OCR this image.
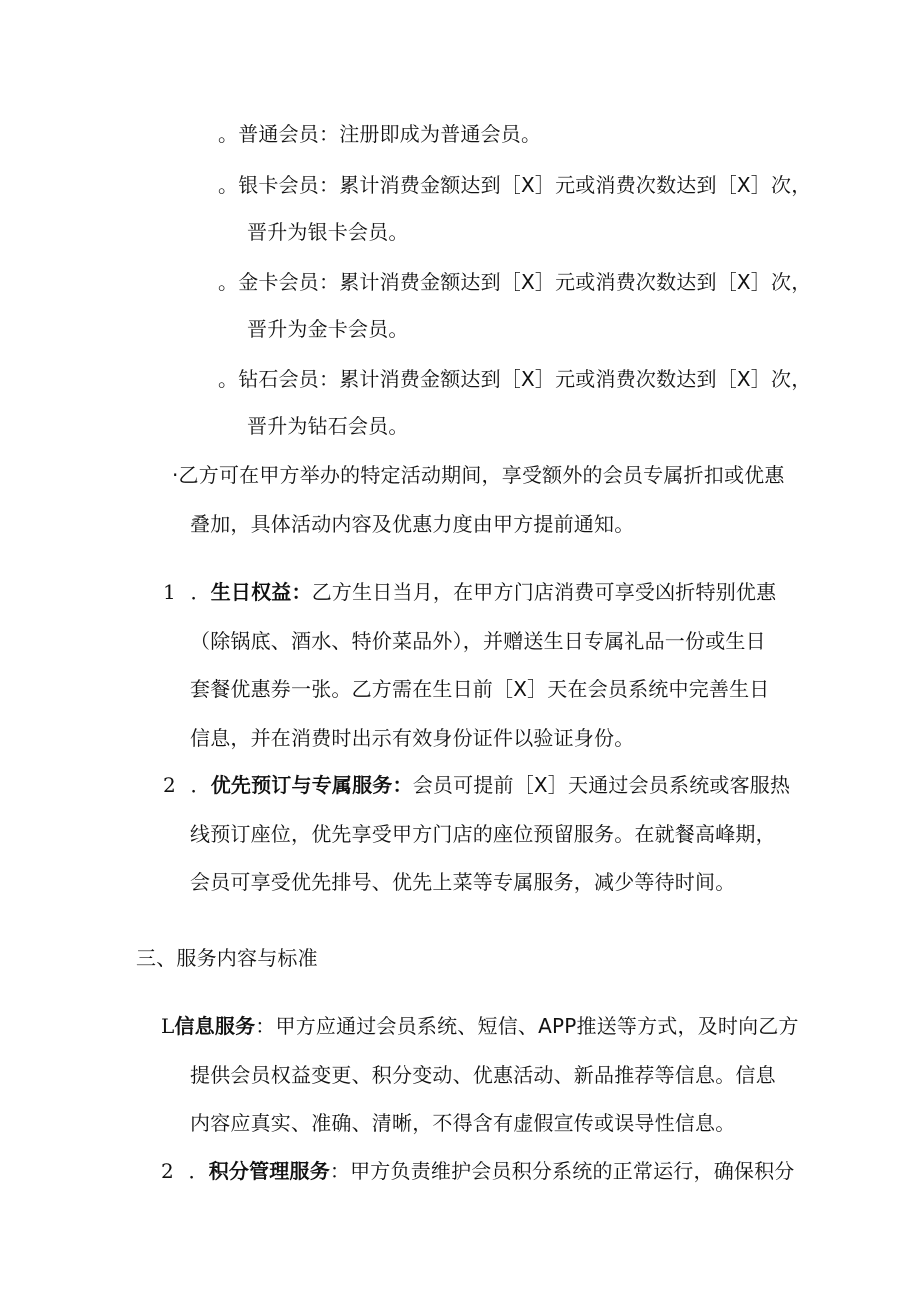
。普通会员：注册即成为普通会员。
。银卡会员：累计消费金额达到［X］元或消费次数达到［X］次，
晋升为银卡会员。
。金卡会员：累计消费金额达到［X］元或消费次数达到［X］次，
晋升为金卡会员。
。钻石会员：累计消费金额达到［X］元或消费次数达到［X］次，
晋升为钻石会员。
·乙方可在甲方举办的特定活动期间，享受额外的会员专属折扣或优惠
叠加，具体活动内容及优惠力度由甲方提前通知。
1 ．生日权益：乙方生日当月，在甲方门店消费可享受凶折特别优惠
（除锅底、酒水、特价菜品外），并赠送生日专属礼品一份或生日
套餐优惠券一张。乙方需在生日前［X］天在会员系统中完善生日
信息，并在消费时出示有效身份证件以验证身份。
2 ．优先预订与专属服务：会员可提前［X］天通过会员系统或客服热
线预订座位，优先享受甲方门店的座位预留服务。在就餐高峰期，
会员可享受优先排号、优先上菜等专属服务，减少等待时间。
三、服务内容与标准
L信息服务：甲方应通过会员系统、短信、APP推送等方式，及时向乙方
提供会员权益变更、积分变动、优惠活动、新品推荐等信息。信息
内容应真实、准确、清晰，不得含有虚假宣传或误导性信息。
2 ．积分管理服务：甲方负责维护会员积分系统的正常运行，确保积分
